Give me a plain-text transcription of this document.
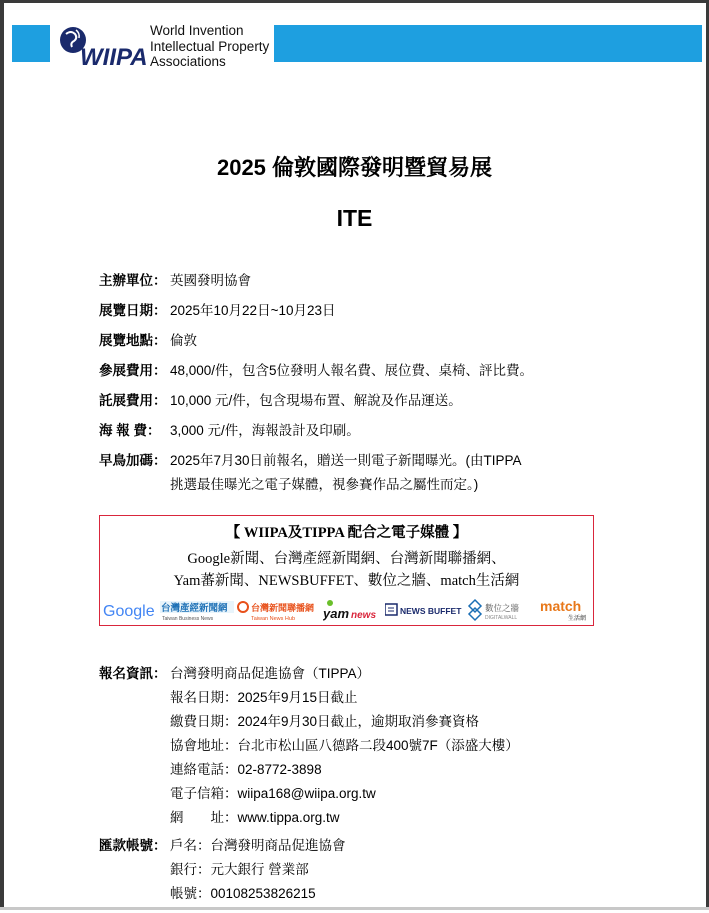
WIIPA
World Invention
Intellectual Property
Associations
2025 倫敦國際發明暨貿易展
ITE
主辦單位： 英國發明協會
展覽日期： 2025年10月22日~10月23日
展覽地點： 倫敦
參展費用： 48,000/件，包含5位發明人報名費、展位費、桌椅、評比費。
託展費用： 10,000 元/件，包含現場布置、解說及作品運送。
海 報 費： 3,000 元/件，海報設計及印刷。
早鳥加碼： 2025年7月30日前報名，贈送一則電子新聞曝光。(由TIPPA
挑選最佳曝光之電子媒體，視參賽作品之屬性而定。)
【 WIIPA及TIPPA 配合之電子媒體 】
Google新聞、台灣產經新聞網、台灣新聞聯播網、
Yam蕃新聞、NEWSBUFFET、數位之牆、match生活網
Google 台灣產經新聞網
Taiwan Business News
台灣新聞聯播網
Taiwan News Hub yam news	NEWS BUFFET	數位之牆
DIGITALWALL
match
生活網
報名資訊： 台灣發明商品促進協會（TIPPA）
報名日期：2025年9月15日截止
繳費日期：2024年9月30日截止，逾期取消參賽資格
協會地址：台北市松山區八德路二段400號7F（添盛大樓）
連絡電話：02-8772-3898
電子信箱：wiipa168@wiipa.org.tw
網　　址：www.tippa.org.tw
匯款帳號： 戶名：台灣發明商品促進協會
銀行：元大銀行 營業部
帳號：0010825382​6215
